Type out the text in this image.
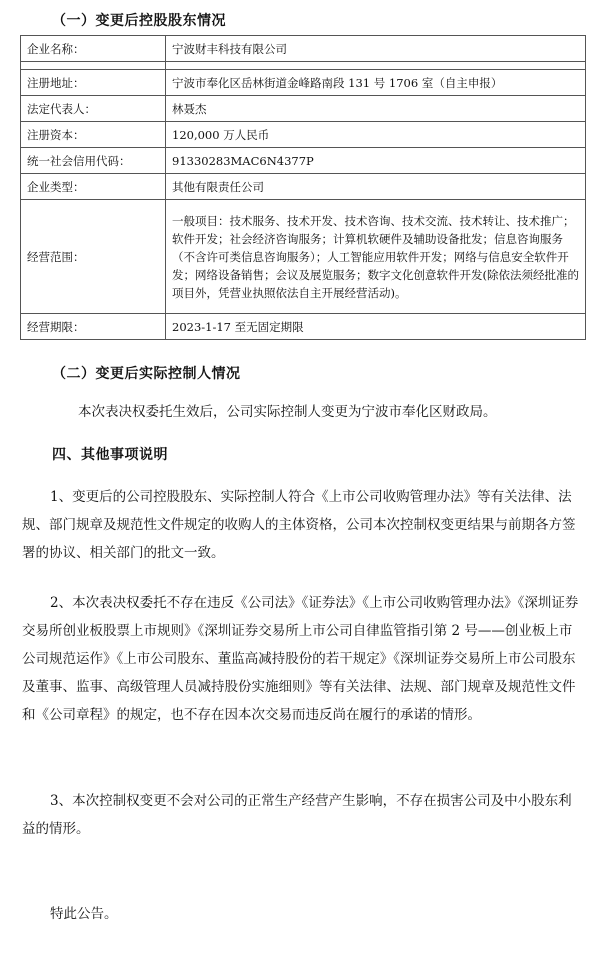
（一）变更后控股股东情况
企业名称：	宁波财丰科技有限公司

注册地址：	宁波市奉化区岳林街道金峰路南段 131 号 1706 室（自主申报）
法定代表人：	林聂杰
注册资本：	120,000 万人民币
统一社会信用代码：	91330283MAC6N4377P
企业类型：	其他有限责任公司
经营范围：	一般项目：技术服务、技术开发、技术咨询、技术交流、技术转让、技术推广；软件开发；社会经济咨询服务；计算机软硬件及辅助设备批发；信息咨询服务（不含许可类信息咨询服务）；人工智能应用软件开发；网络与信息安全软件开发；网络设备销售；会议及展览服务；数字文化创意软件开发(除依法须经批准的项目外，凭营业执照依法自主开展经营活动)。
经营期限：	2023-1-17 至无固定期限
（二）变更后实际控制人情况
本次表决权委托生效后，公司实际控制人变更为宁波市奉化区财政局。
四、其他事项说明
1、变更后的公司控股股东、实际控制人符合《上市公司收购管理办法》等有关法律、法规、部门规章及规范性文件规定的收购人的主体资格，公司本次控制权变更结果与前期各方签署的协议、相关部门的批文一致。
2、本次表决权委托不存在违反《公司法》《证券法》《上市公司收购管理办法》《深圳证券交易所创业板股票上市规则》《深圳证券交易所上市公司自律监管指引第 2 号——创业板上市公司规范运作》《上市公司股东、董监高减持股份的若干规定》《深圳证券交易所上市公司股东及董事、监事、高级管理人员减持股份实施细则》等有关法律、法规、部门规章及规范性文件和《公司章程》的规定，也不存在因本次交易而违反尚在履行的承诺的情形。
3、本次控制权变更不会对公司的正常生产经营产生影响，不存在损害公司及中小股东利益的情形。
特此公告。
